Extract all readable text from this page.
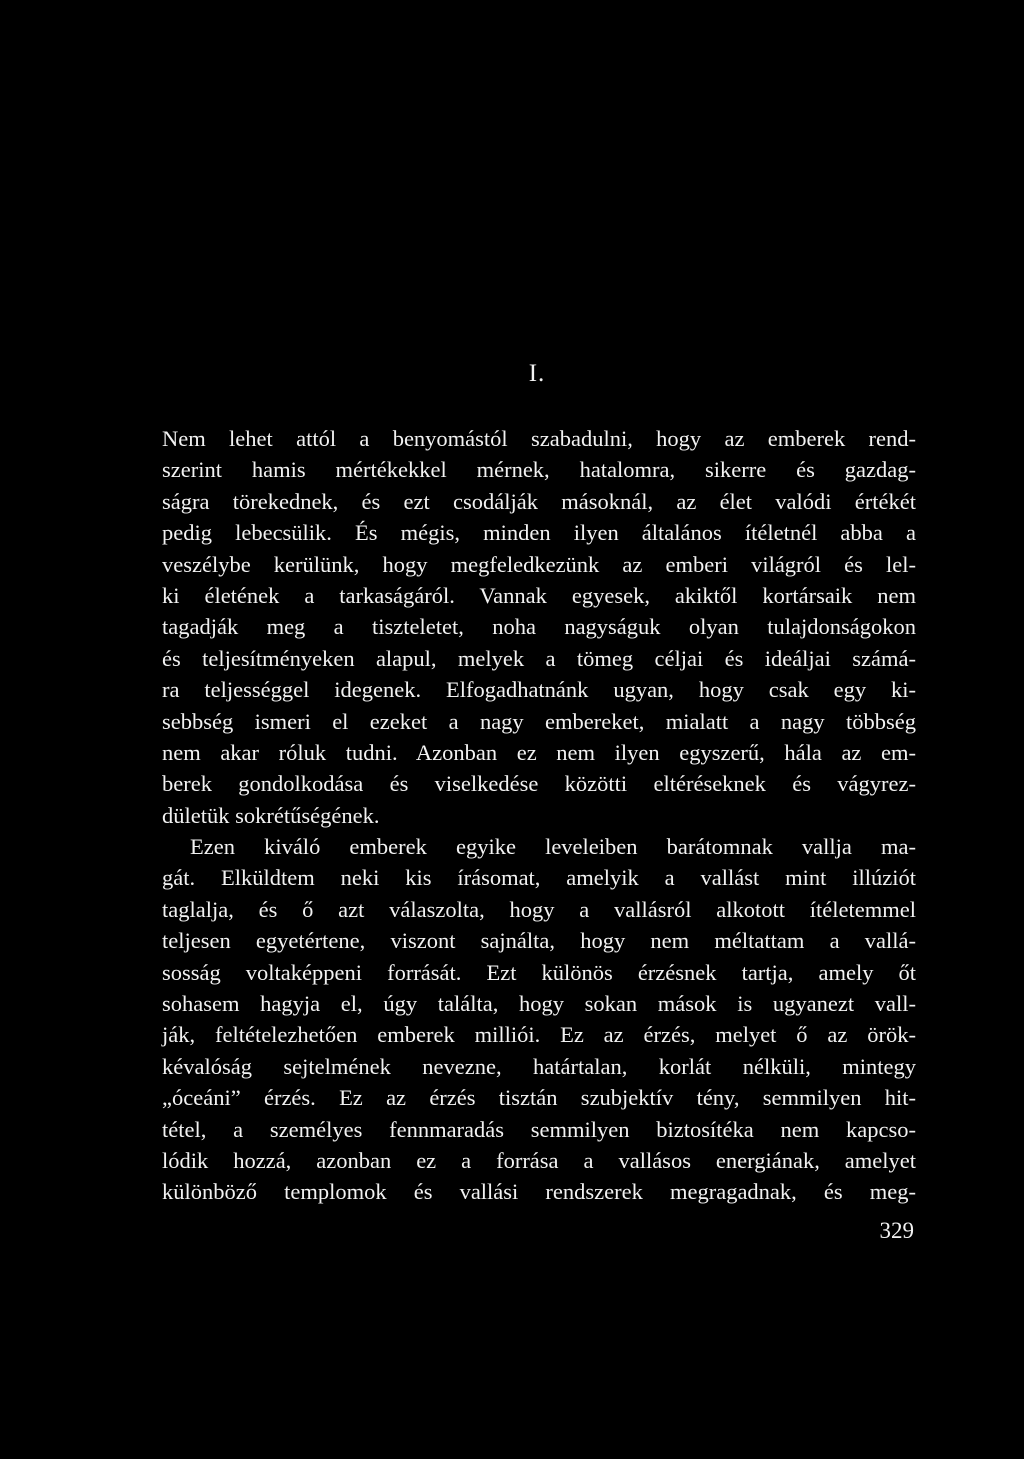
I.
Nem lehet attól a benyomástól szabadulni, hogy az emberek rend-
szerint hamis mértékekkel mérnek, hatalomra, sikerre és gazdag-
ságra törekednek, és ezt csodálják másoknál, az élet valódi értékét
pedig lebecsülik. És mégis, minden ilyen általános ítéletnél abba a
veszélybe kerülünk, hogy megfeledkezünk az emberi világról és lel-
ki életének a tarkaságáról. Vannak egyesek, akiktől kortársaik nem
tagadják meg a tiszteletet, noha nagyságuk olyan tulajdonságokon
és teljesítményeken alapul, melyek a tömeg céljai és ideáljai számá-
ra teljességgel idegenek. Elfogadhatnánk ugyan, hogy csak egy ki-
sebbség ismeri el ezeket a nagy embereket, mialatt a nagy többség
nem akar róluk tudni. Azonban ez nem ilyen egyszerű, hála az em-
berek gondolkodása és viselkedése közötti eltéréseknek és vágyrez-
dületük sokrétűségének.
Ezen kiváló emberek egyike leveleiben barátomnak vallja ma-
gát. Elküldtem neki kis írásomat, amelyik a vallást mint illúziót
taglalja, és ő azt válaszolta, hogy a vallásról alkotott ítéletemmel
teljesen egyetértene, viszont sajnálta, hogy nem méltattam a vallá-
sosság voltaképpeni forrását. Ezt különös érzésnek tartja, amely őt
sohasem hagyja el, úgy találta, hogy sokan mások is ugyanezt vall-
ják, feltételezhetően emberek milliói. Ez az érzés, melyet ő az örök-
kévalóság sejtelmének nevezne, határtalan, korlát nélküli, mintegy
„óceáni” érzés. Ez az érzés tisztán szubjektív tény, semmilyen hit-
tétel, a személyes fennmaradás semmilyen biztosítéka nem kapcso-
lódik hozzá, azonban ez a forrása a vallásos energiának, amelyet
különböző templomok és vallási rendszerek megragadnak, és meg-
329
